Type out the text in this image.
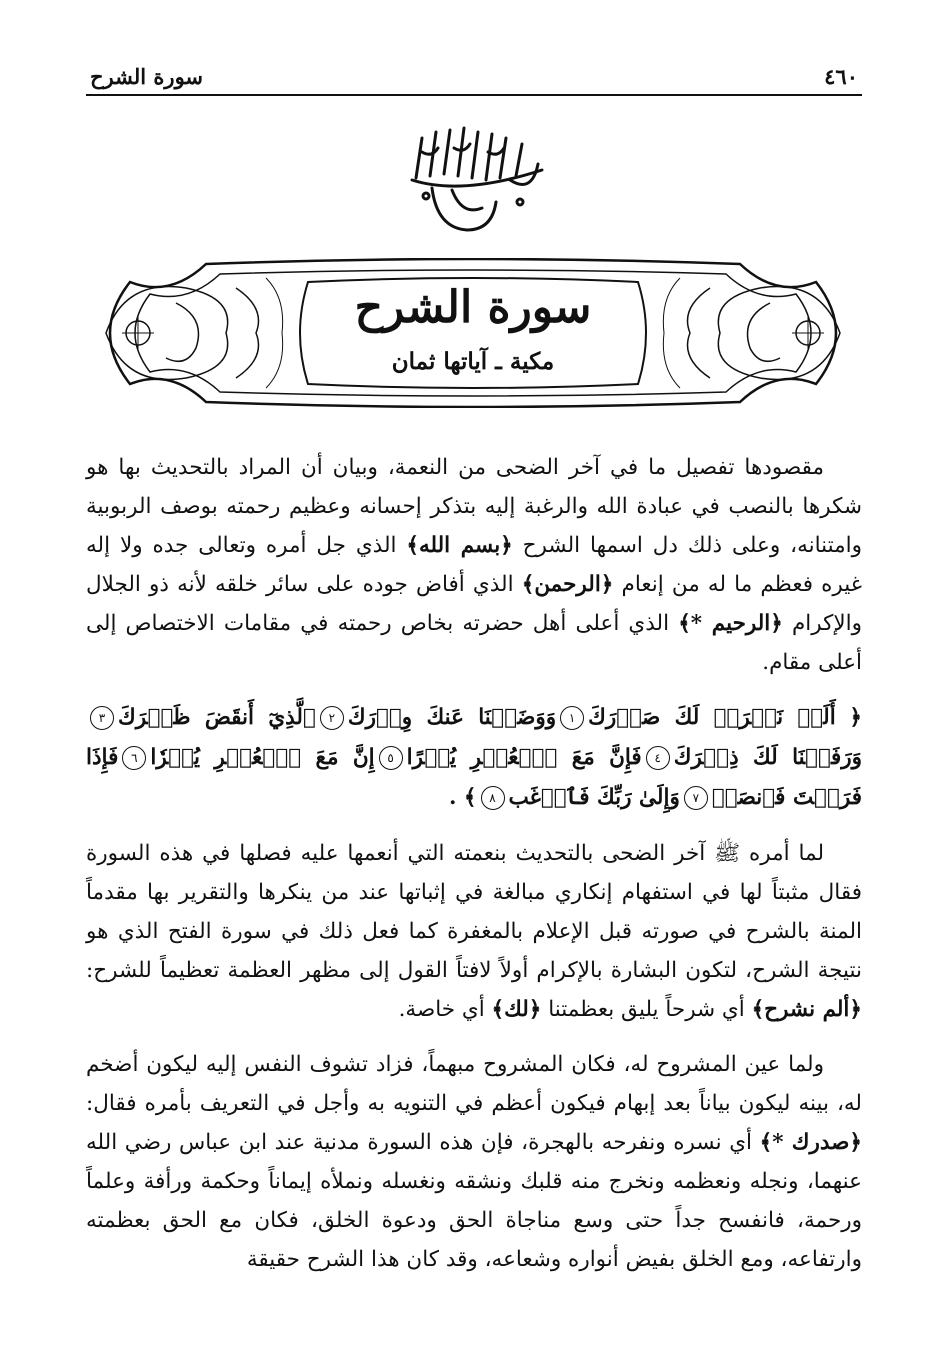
٤٦٠
سورة الشرح
سورة الشرح
مكية ـ آياتها ثمان

مقصودها تفصيل ما في آخر الضحى من النعمة، وبيان أن المراد بالتحديث بها هو شكرها بالنصب في عبادة الله والرغبة إليه بتذكر إحسانه وعظيم رحمته بوصف الربوبية وامتنانه، وعلى ذلك دل اسمها الشرح ﴿بسم الله﴾ الذي جل أمره وتعالى جده ولا إله غيره فعظم ما له من إنعام ﴿الرحمن﴾ الذي أفاض جوده على سائر خلقه لأنه ذو الجلال والإكرام ﴿الرحيم *﴾ الذي أعلى أهل حضرته بخاص رحمته في مقامات الاختصاص إلى أعلى مقام.

﴿ أَلَمۡ نَشۡرَحۡ لَكَ صَدۡرَكَ١وَوَضَعۡنَا عَنكَ وِزۡرَكَ٢ٱلَّذِيٓ أَنقَضَ ظَهۡرَكَ٣وَرَفَعۡنَا لَكَ ذِكۡرَكَ٤فَإِنَّ مَعَ ٱلۡعُسۡرِ يُسۡرًا٥إِنَّ مَعَ ٱلۡعُسۡرِ يُسۡرٗا٦فَإِذَا فَرَغۡتَ فَٱنصَبۡ٧وَإِلَىٰ رَبِّكَ فَٱرۡغَب٨﴾ .

لما أمره ﷺ آخر الضحى بالتحديث بنعمته التي أنعمها عليه فصلها في هذه السورة فقال مثبتاً لها في استفهام إنكاري مبالغة في إثباتها عند من ينكرها والتقرير بها مقدماً المنة بالشرح في صورته قبل الإعلام بالمغفرة كما فعل ذلك في سورة الفتح الذي هو نتيجة الشرح، لتكون البشارة بالإكرام أولاً لافتاً القول إلى مظهر العظمة تعظيماً للشرح: ﴿ألم نشرح﴾ أي شرحاً يليق بعظمتنا ﴿لك﴾ أي خاصة.

ولما عين المشروح له، فكان المشروح مبهماً، فزاد تشوف النفس إليه ليكون أضخم له، بينه ليكون بياناً بعد إبهام فيكون أعظم في التنويه به وأجل في التعريف بأمره فقال: ﴿صدرك *﴾ أي نسره ونفرحه بالهجرة، فإن هذه السورة مدنية عند ابن عباس رضي الله عنهما، ونجله ونعظمه ونخرج منه قلبك ونشقه ونغسله ونملأه إيماناً وحكمة ورأفة وعلماً ورحمة، فانفسح جداً حتى وسع مناجاة الحق ودعوة الخلق، فكان مع الحق بعظمته وارتفاعه، ومع الخلق بفيض أنواره وشعاعه، وقد كان هذا الشرح حقيقة
